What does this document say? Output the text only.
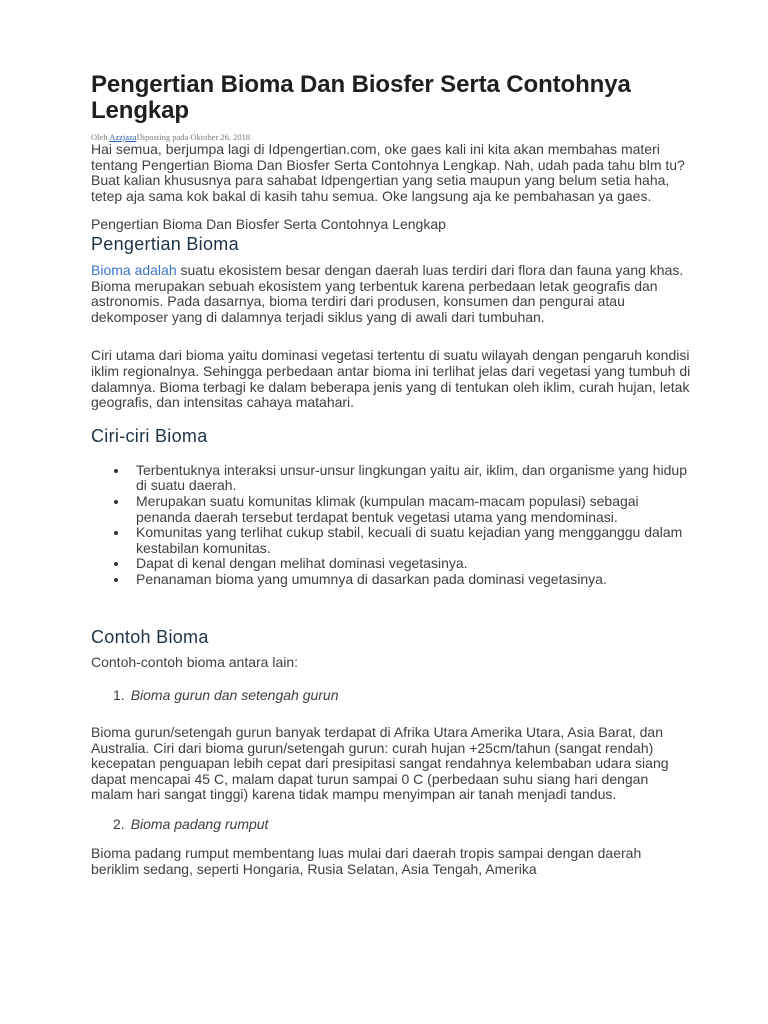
Pengertian Bioma Dan Biosfer Serta Contohnya Lengkap
Oleh AzzjazaDiposting pada Oktober 26, 2018

Hai semua, berjumpa lagi di Idpengertian.com, oke gaes kali ini kita akan membahas materi tentang Pengertian Bioma Dan Biosfer Serta Contohnya Lengkap. Nah, udah pada tahu blm tu? Buat kalian khususnya para sahabat Idpengertian yang setia maupun yang belum setia haha, tetep aja sama kok bakal di kasih tahu semua. Oke langsung aja ke pembahasan ya gaes.

Pengertian Bioma Dan Biosfer Serta Contohnya Lengkap

Pengertian Bioma

Bioma adalah suatu ekosistem besar dengan daerah luas terdiri dari flora dan fauna yang khas. Bioma merupakan sebuah ekosistem yang terbentuk karena perbedaan letak geografis dan astronomis. Pada dasarnya, bioma terdiri dari produsen, konsumen dan pengurai atau dekomposer yang di dalamnya terjadi siklus yang di awali dari tumbuhan.

Ciri utama dari bioma yaitu dominasi vegetasi tertentu di suatu wilayah dengan pengaruh kondisi iklim regionalnya. Sehingga perbedaan antar bioma ini terlihat jelas dari vegetasi yang tumbuh di dalamnya. Bioma terbagi ke dalam beberapa jenis yang di tentukan oleh iklim, curah hujan, letak geografis, dan intensitas cahaya matahari.

Ciri-ciri Bioma
Terbentuknya interaksi unsur-unsur lingkungan yaitu air, iklim, dan organisme yang hidup di suatu daerah.
Merupakan suatu komunitas klimak (kumpulan macam-macam populasi) sebagai penanda daerah tersebut terdapat bentuk vegetasi utama yang mendominasi.
Komunitas yang terlihat cukup stabil, kecuali di suatu kejadian yang mengganggu dalam kestabilan komunitas.
Dapat di kenal dengan melihat dominasi vegetasinya.
Penanaman bioma yang umumnya di dasarkan pada dominasi vegetasinya.
Contoh Bioma

Contoh-contoh bioma antara lain:

1. Bioma gurun dan setengah gurun

Bioma gurun/setengah gurun banyak terdapat di Afrika Utara Amerika Utara, Asia Barat, dan Australia. Ciri dari bioma gurun/setengah gurun: curah hujan +25cm/tahun (sangat rendah) kecepatan penguapan lebih cepat dari presipitasi sangat rendahnya kelembaban udara siang dapat mencapai 45 C, malam dapat turun sampai 0 C (perbedaan suhu siang hari dengan malam hari sangat tinggi) karena tidak mampu menyimpan air tanah menjadi tandus.

2. Bioma padang rumput

Bioma padang rumput membentang luas mulai dari daerah tropis sampai dengan daerah beriklim sedang, seperti Hongaria, Rusia Selatan, Asia Tengah, Amerika
